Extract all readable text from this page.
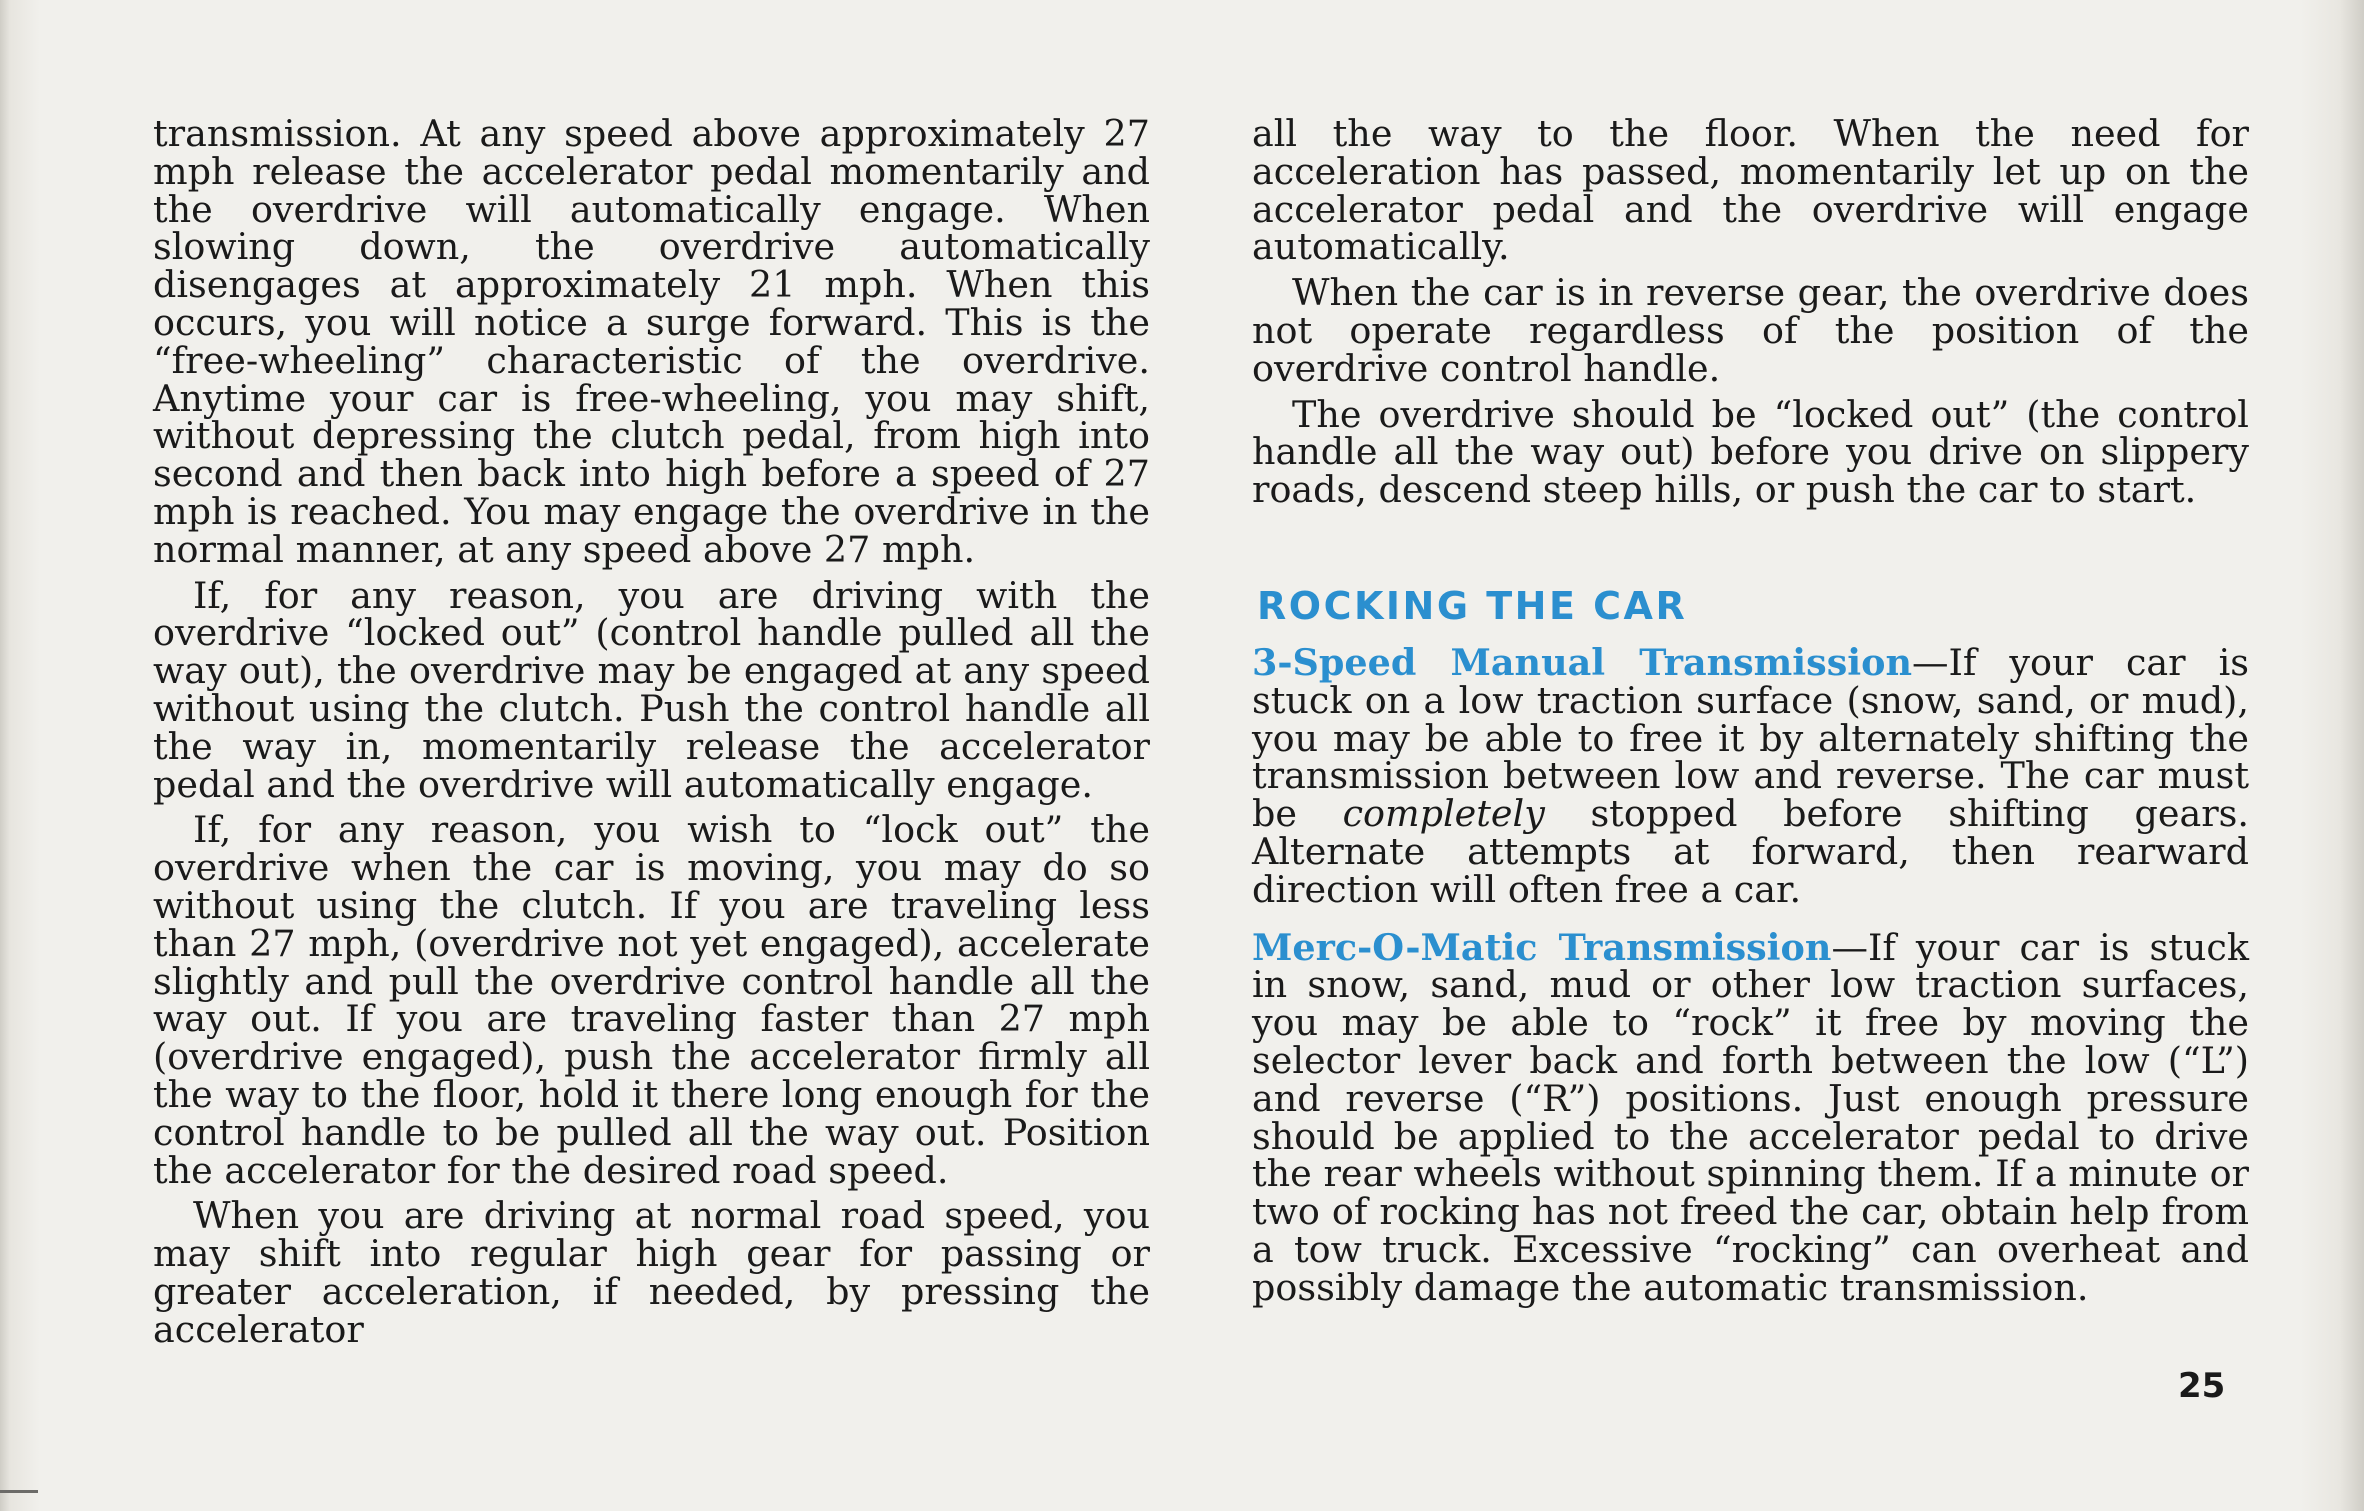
transmission. At any speed above approximately 27 mph release the accelerator pedal momentarily and the overdrive will automatically engage. When slowing down, the overdrive automatically disengages at approximately 21 mph. When this occurs, you will notice a surge forward. This is the “free-wheeling” characteristic of the overdrive. Anytime your car is free-wheeling, you may shift, without depressing the clutch pedal, from high into second and then back into high before a speed of 27 mph is reached. You may engage the overdrive in the normal manner, at any speed above 27 mph.

If, for any reason, you are driving with the overdrive “locked out” (control handle pulled all the way out), the overdrive may be engaged at any speed without using the clutch. Push the control handle all the way in, momentarily release the accelerator pedal and the overdrive will automatically engage.

If, for any reason, you wish to “lock out” the overdrive when the car is moving, you may do so without using the clutch. If you are traveling less than 27 mph, (overdrive not yet engaged), accelerate slightly and pull the overdrive control handle all the way out. If you are traveling faster than 27 mph (overdrive engaged), push the accelerator firmly all the way to the floor, hold it there long enough for the control handle to be pulled all the way out. Position the accelerator for the desired road speed.

When you are driving at normal road speed, you may shift into regular high gear for passing or greater acceleration, if needed, by pressing the accelerator

all the way to the floor. When the need for acceleration has passed, momentarily let up on the accelerator pedal and the overdrive will engage automatically.

When the car is in reverse gear, the overdrive does not operate regardless of the position of the overdrive control handle.

The overdrive should be “locked out” (the control handle all the way out) before you drive on slippery roads, descend steep hills, or push the car to start.

ROCKING THE CAR

3-Speed Manual Transmission—If your car is stuck on a low traction surface (snow, sand, or mud), you may be able to free it by alternately shifting the transmission between low and reverse. The car must be completely stopped before shifting gears. Alternate attempts at forward, then rearward direction will often free a car.

Merc-O-Matic Transmission—If your car is stuck in snow, sand, mud or other low traction surfaces, you may be able to “rock” it free by moving the selector lever back and forth between the low (“L”) and reverse (“R”) positions. Just enough pressure should be applied to the accelerator pedal to drive the rear wheels without spinning them. If a minute or two of rocking has not freed the car, obtain help from a tow truck. Excessive “rocking” can overheat and possibly damage the automatic transmission.

25
